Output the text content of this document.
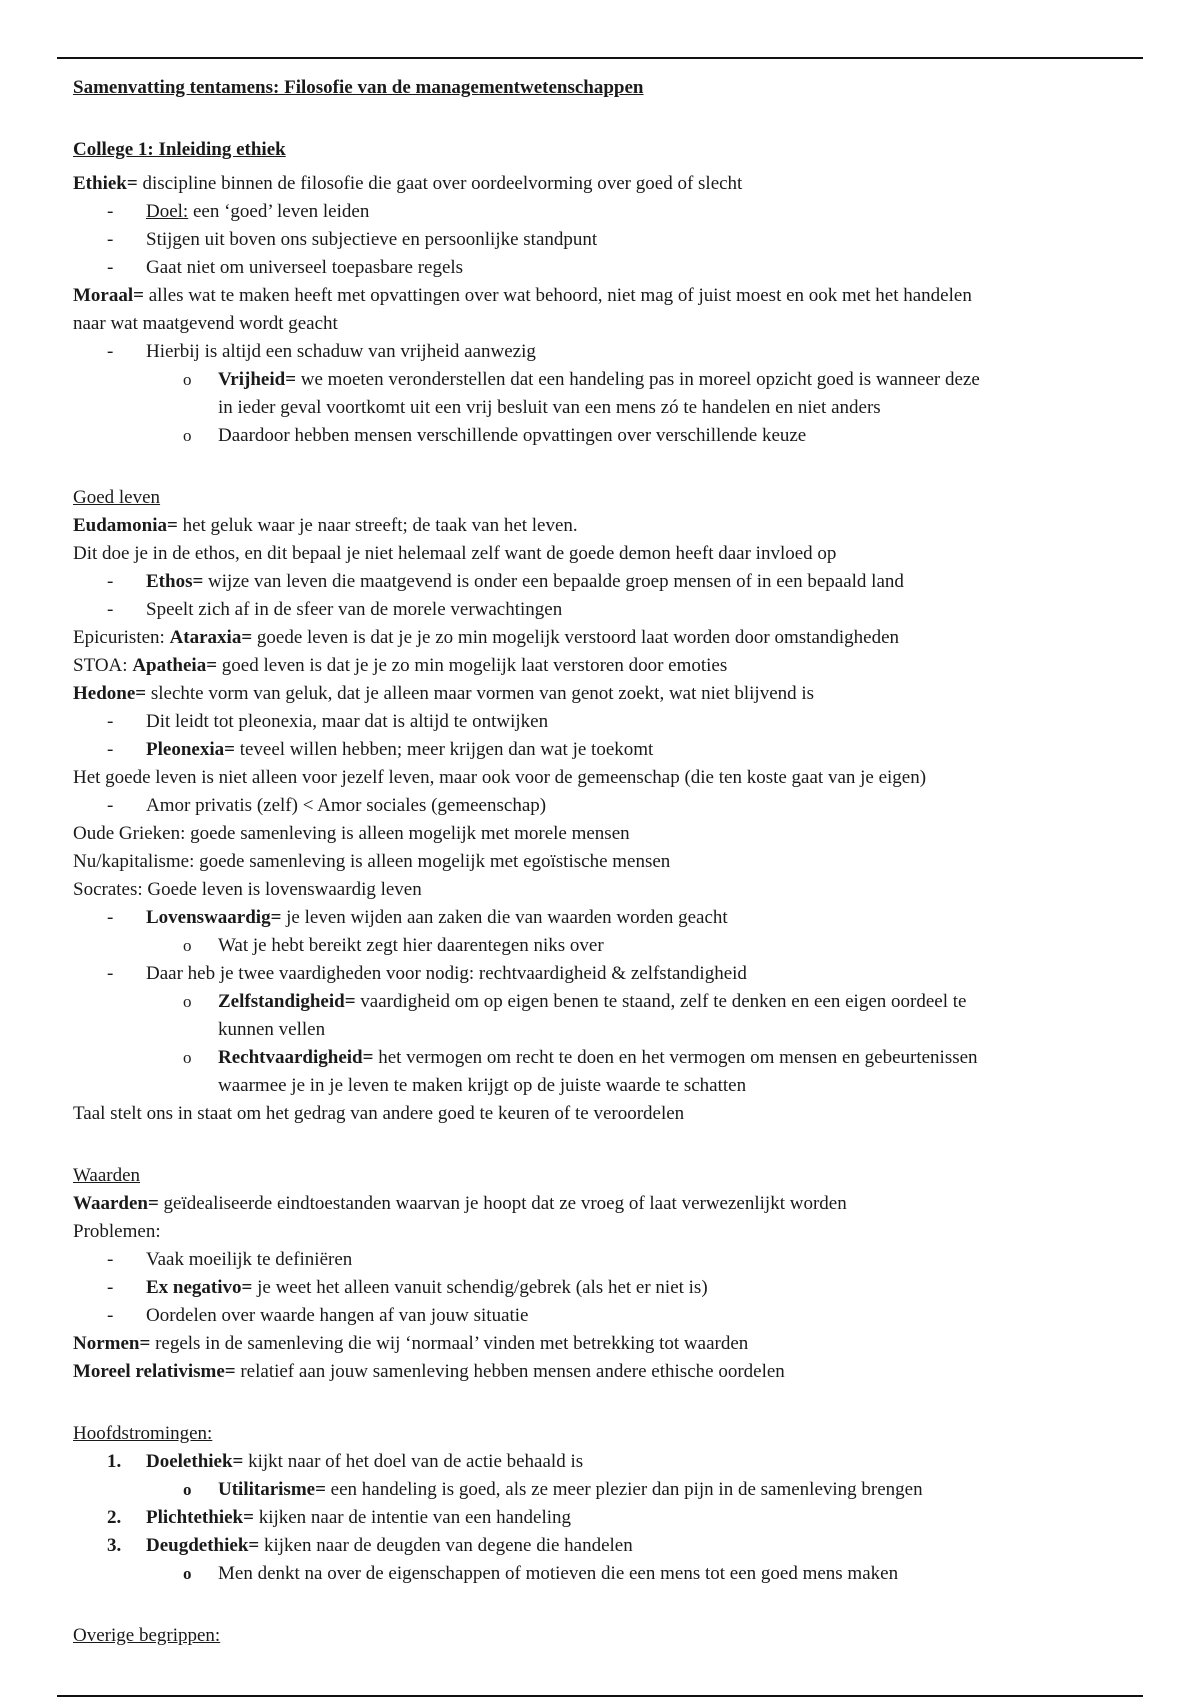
Samenvatting tentamens: Filosofie van de managementwetenschappen
College 1: Inleiding ethiek
Ethiek= discipline binnen de filosofie die gaat over oordeelvorming over goed of slecht
- Doel: een ‘goed’ leven leiden
- Stijgen uit boven ons subjectieve en persoonlijke standpunt
- Gaat niet om universeel toepasbare regels
Moraal= alles wat te maken heeft met opvattingen over wat behoord, niet mag of juist moest en ook met het handelen
naar wat maatgevend wordt geacht
- Hierbij is altijd een schaduw van vrijheid aanwezig
o Vrijheid= we moeten veronderstellen dat een handeling pas in moreel opzicht goed is wanneer deze
in ieder geval voortkomt uit een vrij besluit van een mens zó te handelen en niet anders
o Daardoor hebben mensen verschillende opvattingen over verschillende keuze
Goed leven
Eudamonia= het geluk waar je naar streeft; de taak van het leven.
Dit doe je in de ethos, en dit bepaal je niet helemaal zelf want de goede demon heeft daar invloed op
- Ethos= wijze van leven die maatgevend is onder een bepaalde groep mensen of in een bepaald land
- Speelt zich af in de sfeer van de morele verwachtingen
Epicuristen: Ataraxia= goede leven is dat je je zo min mogelijk verstoord laat worden door omstandigheden
STOA: Apatheia= goed leven is dat je je zo min mogelijk laat verstoren door emoties
Hedone= slechte vorm van geluk, dat je alleen maar vormen van genot zoekt, wat niet blijvend is
- Dit leidt tot pleonexia, maar dat is altijd te ontwijken
- Pleonexia= teveel willen hebben; meer krijgen dan wat je toekomt
Het goede leven is niet alleen voor jezelf leven, maar ook voor de gemeenschap (die ten koste gaat van je eigen)
- Amor privatis (zelf) < Amor sociales (gemeenschap)
Oude Grieken: goede samenleving is alleen mogelijk met morele mensen
Nu/kapitalisme: goede samenleving is alleen mogelijk met egoïstische mensen
Socrates: Goede leven is lovenswaardig leven
- Lovenswaardig= je leven wijden aan zaken die van waarden worden geacht
o Wat je hebt bereikt zegt hier daarentegen niks over
- Daar heb je twee vaardigheden voor nodig: rechtvaardigheid & zelfstandigheid
o Zelfstandigheid= vaardigheid om op eigen benen te staand, zelf te denken en een eigen oordeel te
kunnen vellen
o Rechtvaardigheid= het vermogen om recht te doen en het vermogen om mensen en gebeurtenissen
waarmee je in je leven te maken krijgt op de juiste waarde te schatten
Taal stelt ons in staat om het gedrag van andere goed te keuren of te veroordelen
Waarden
Waarden= geïdealiseerde eindtoestanden waarvan je hoopt dat ze vroeg of laat verwezenlijkt worden
Problemen:
- Vaak moeilijk te definiëren
- Ex negativo= je weet het alleen vanuit schendig/gebrek (als het er niet is)
- Oordelen over waarde hangen af van jouw situatie
Normen= regels in de samenleving die wij ‘normaal’ vinden met betrekking tot waarden
Moreel relativisme= relatief aan jouw samenleving hebben mensen andere ethische oordelen
Hoofdstromingen:
1. Doelethiek= kijkt naar of het doel van de actie behaald is
o Utilitarisme= een handeling is goed, als ze meer plezier dan pijn in de samenleving brengen
2. Plichtethiek= kijken naar de intentie van een handeling
3. Deugdethiek= kijken naar de deugden van degene die handelen
o Men denkt na over de eigenschappen of motieven die een mens tot een goed mens maken
Overige begrippen:
